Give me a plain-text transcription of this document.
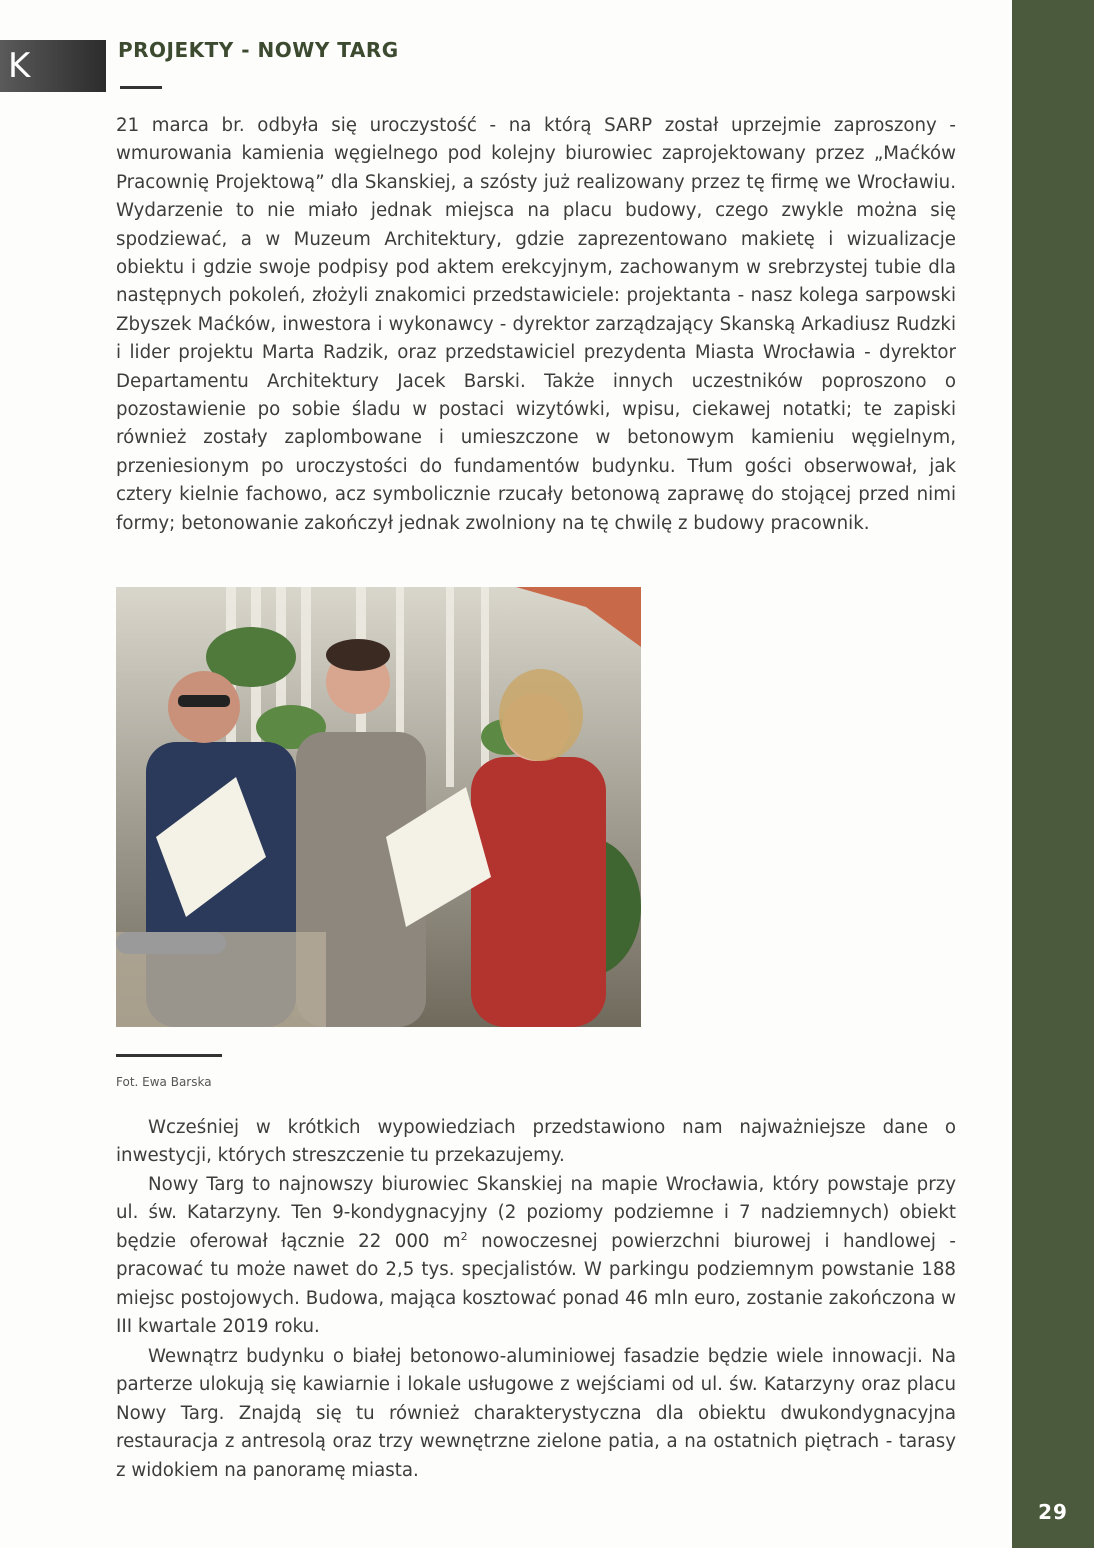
29
K	PROJEKTY - NOWY TARG

21 marca br. odbyła się uroczystość - na którą SARP został uprzejmie zaproszony - wmurowania kamienia węgielnego pod kolejny biurowiec zaprojektowany przez „Maćków Pracownię Projektową” dla Skanskiej, a szósty już realizowany przez tę firmę we Wrocławiu. Wydarzenie to nie miało jednak miejsca na placu budowy, czego zwykle można się spodziewać, a w Muzeum Architektury, gdzie zaprezentowano makietę i wizualizacje obiektu i gdzie swoje podpisy pod aktem erekcyjnym, zachowanym w srebrzystej tubie dla następnych pokoleń, złożyli znakomici przedstawiciele: projektanta - nasz kolega sarpowski Zbyszek Maćków, inwestora i wykonawcy - dyrektor zarządzający Skanską Arkadiusz Rudzki i lider projektu Marta Radzik, oraz przedstawiciel prezydenta Miasta Wrocławia - dyrektor Departamentu Architektury Jacek Barski. Także innych uczestników poproszono o pozostawienie po sobie śladu w postaci wizytówki, wpisu, ciekawej notatki; te zapiski również zostały zaplombowane i umieszczone w betonowym kamieniu węgielnym, przeniesionym po uroczystości do fundamentów budynku. Tłum gości obserwował, jak cztery kielnie fachowo, acz symbolicznie rzucały betonową zaprawę do stojącej przed nimi formy; betonowanie zakończył jednak zwolniony na tę chwilę z budowy pracownik.

Fot. Ewa Barska

Wcześniej w krótkich wypowiedziach przedstawiono nam najważniejsze dane o inwestycji, których streszczenie tu przekazujemy.

Nowy Targ to najnowszy biurowiec Skanskiej na mapie Wrocławia, który powstaje przy ul. św. Katarzyny. Ten 9-kondygnacyjny (2 poziomy podziemne i 7 nadziemnych) obiekt będzie oferował łącznie 22 000 $m^2$ nowoczesnej powierzchni biurowej i handlowej - pracować tu może nawet do 2,5 tys. specjalistów. W parkingu podziemnym powstanie 188 miejsc postojowych. Budowa, mająca kosztować ponad 46 mln euro, zostanie zakończona w III kwartale 2019 roku.

Wewnątrz budynku o białej betonowo-aluminiowej fasadzie będzie wiele innowacji. Na parterze ulokują się kawiarnie i lokale usługowe z wejściami od ul. św. Katarzyny oraz placu Nowy Targ. Znajdą się tu również charakterystyczna dla obiektu dwukondygnacyjna restauracja z antresolą oraz trzy wewnętrzne zielone patia, a na ostatnich piętrach - tarasy z widokiem na panoramę miasta.
